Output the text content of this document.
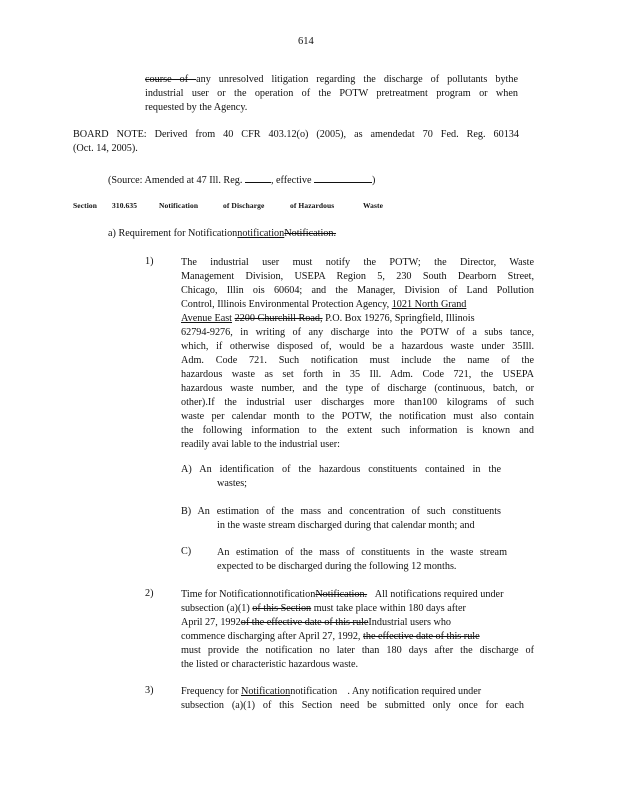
614
course of any unresolved litigation regarding the discharge of pollutants bythe
industrial user or the operation of the POTW pretreatment program or when
requested by the Agency.
BOARD NOTE: Derived from 40 CFR 403.12(o) (2005), as amendedat 70 Fed. Reg. 60134
(Oct. 14, 2005).
(Source: Amended at 47 Ill. Reg.	, effective	)
Section 310.635	Notification	of Discharge	of Hazardous	Waste
a) Requirement for NotificationnotificationNotification.
1)	The industrial user must notify the POTW; the Director, Waste
Management Division, USEPA Region 5, 230 South Dearborn Street,
Chicago, Illin ois 60604; and the Manager, Division of Land Pollution
Control, Illinois Environmental Protection Agency, 1021 North Grand
Avenue East 2200 Churchill Road, P.O. Box 19276, Springfield, Illinois
62794-9276, in writing of any discharge into the POTW of a subs tance,
which, if otherwise disposed of, would be a hazardous waste under 35Ill.
Adm. Code 721. Such notification must include the name of the
hazardous waste as set forth in 35 Ill. Adm. Code 721, the USEPA
hazardous waste number, and the type of discharge (continuous, batch, or
other).If the industrial user discharges more than100 kilograms of such
waste per calendar month to the POTW, the notification must also contain
the following information to the extent such information is known and
readily avai lable to the industrial user:
A) An identification of the hazardous constituents contained in the
wastes;
B) An estimation of the mass and concentration of such constituents
in the waste stream discharged during that calendar month; and
C)	An estimation of the mass of constituents in the waste stream
expected to be discharged during the following 12 months.
2)	Time for NotificationnotificationNotification. All notifications required under
subsection (a)(1) of this Section must take place within 180 days after
April 27, 1992of the effective date of this ruleIndustrial users who
commence discharging after April 27, 1992, the effective date of this rule
must provide the notification no later than 180 days after the discharge of
the listed or characteristic hazardous waste.
3)	Frequency for Notificationnotification . Any notification required under
subsection (a)(1) of this Section need be submitted only once for each
